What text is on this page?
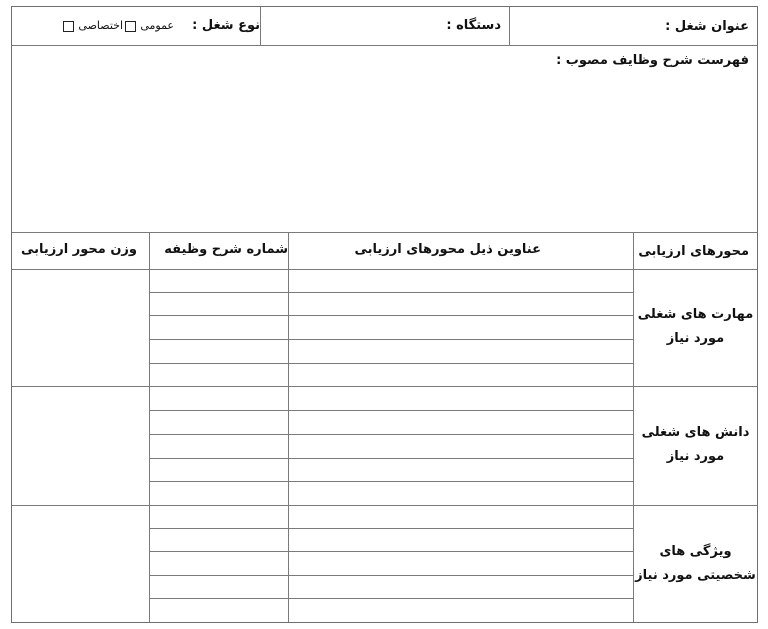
عنوان شغل :
دستگاه :
نوع شغل :
عمومی
اختصاصی
فهرست شرح وظایف مصوب :
محورهای ارزیابی
عناوین ذیل محورهای ارزیابی
شماره شرح وظیفه
وزن محور ارزیابی
مهارت های شغلی
مورد نیاز
دانش های شغلی
مورد نیاز
ویژگی های
شخصیتی مورد نیاز
